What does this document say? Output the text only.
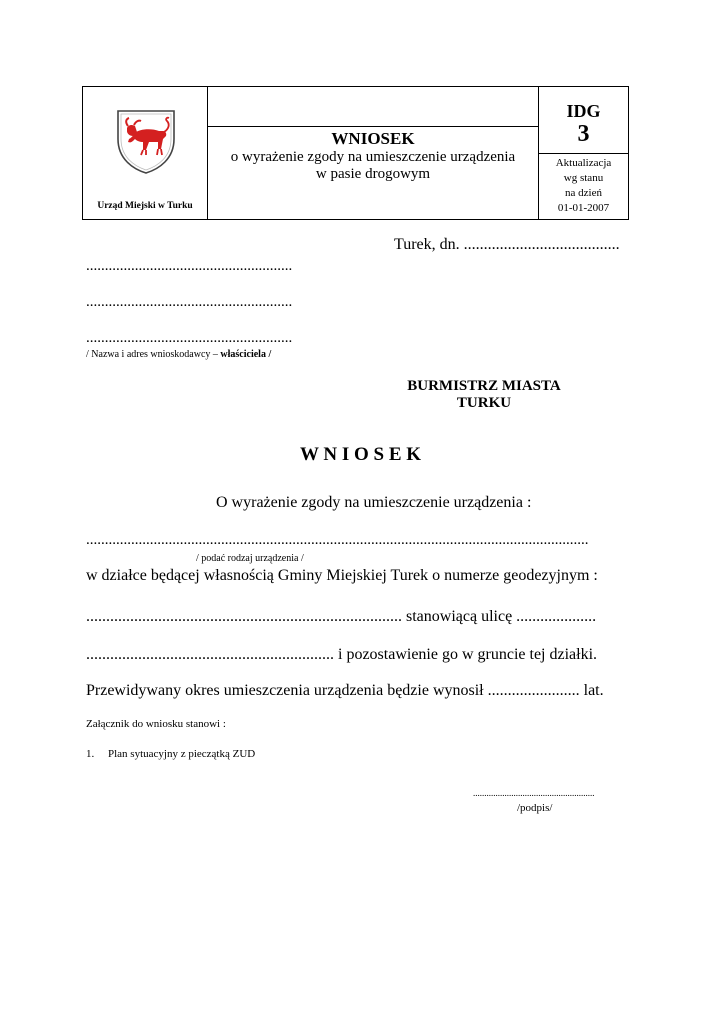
Urząd Miejski w Turku
WNIOSEK
o wyrażenie zgody na umieszczenie urządzenia
w pasie drogowym
IDG
3
Aktualizacja
wg stanu
na dzień
01-01-2007
Turek, dn. .......................................
.......................................................
.......................................................
.......................................................
/ Nazwa i adres wnioskodawcy – właściciela /
BURMISTRZ MIASTA
TURKU
W N I O S E K
O wyrażenie zgody na umieszczenie urządzenia :
......................................................................................................................................
/ podać rodzaj urządzenia /
w działce będącej własnością Gminy Miejskiej Turek o numerze geodezyjnym :
............................................................................... stanowiącą ulicę ....................
.............................................................. i pozostawienie go w gruncie tej działki.
Przewidywany okres umieszczenia urządzenia będzie wynosił ....................... lat.
Załącznik do wniosku stanowi :
1. Plan sytuacyjny z pieczątką ZUD
......................................................
/podpis/
